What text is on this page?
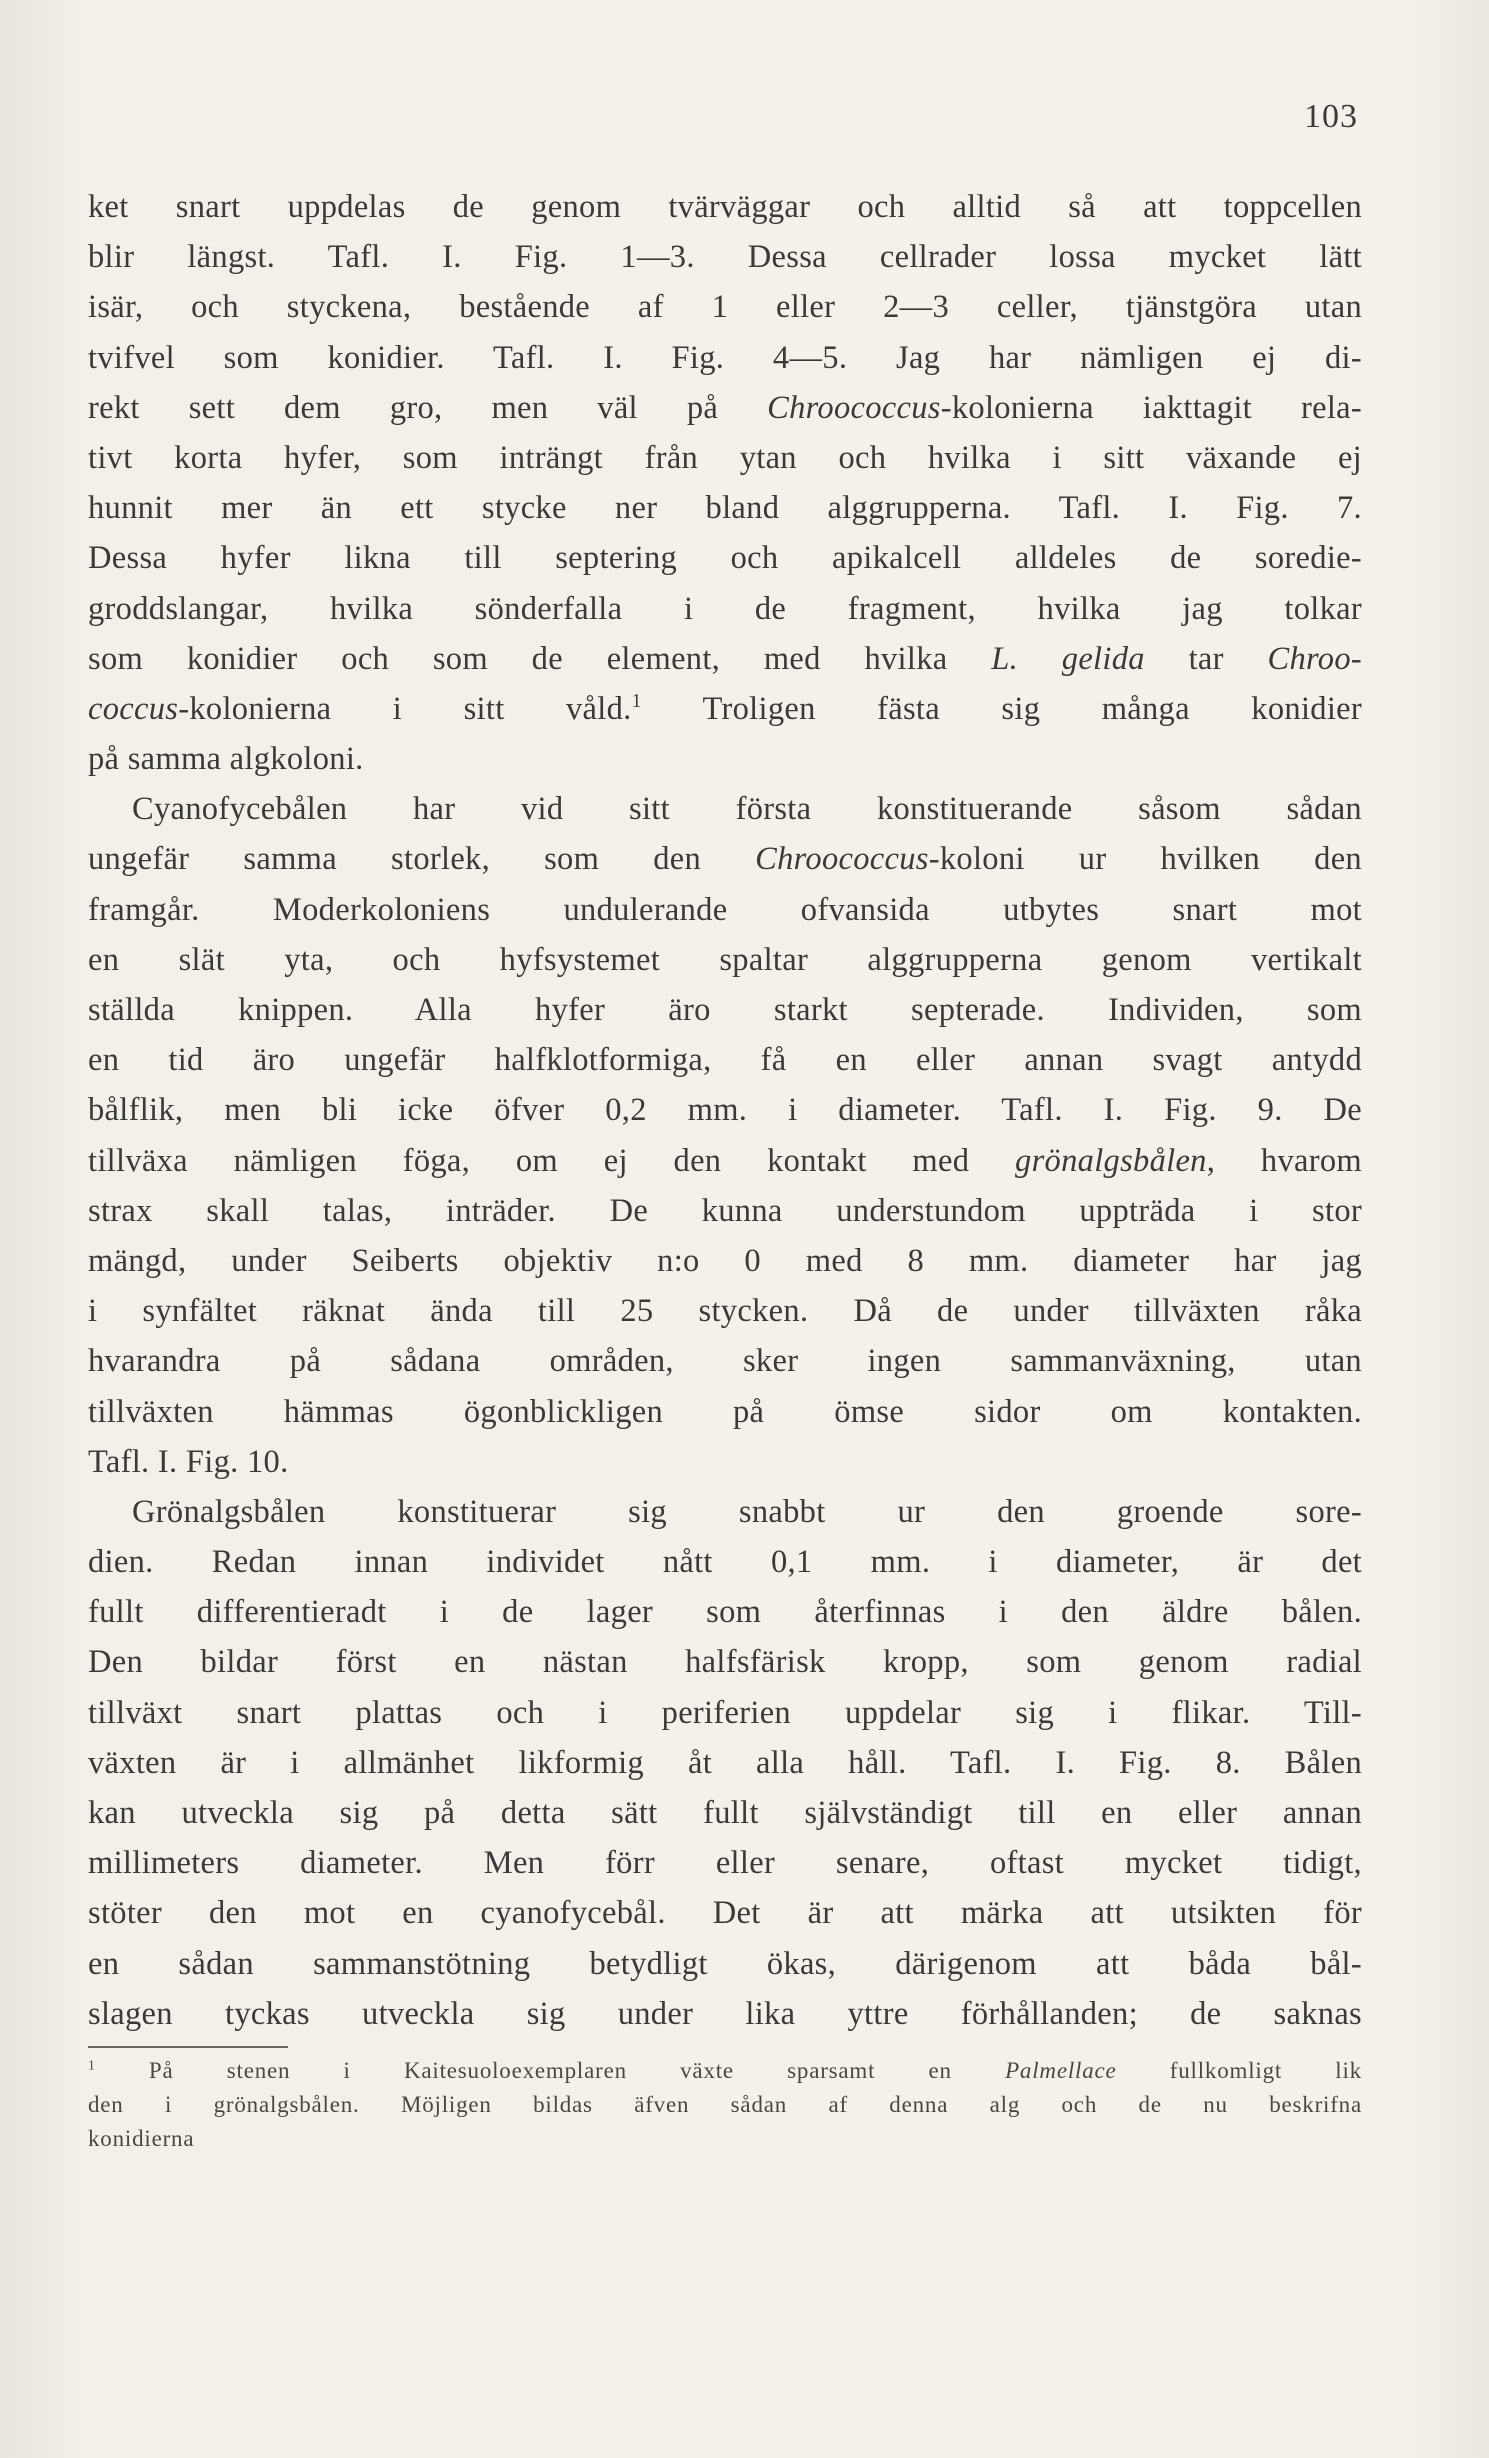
103
ket snart uppdelas de genom tvärväggar och alltid så att toppcellen
blir längst. Tafl. I. Fig. 1—3. Dessa cellrader lossa mycket lätt
isär, och styckena, bestående af 1 eller 2—3 celler, tjänstgöra utan
tvifvel som konidier. Tafl. I. Fig. 4—5. Jag har nämligen ej di-
rekt sett dem gro, men väl på Chroococcus-kolonierna iakttagit rela-
tivt korta hyfer, som inträngt från ytan och hvilka i sitt växande ej
hunnit mer än ett stycke ner bland alggrupperna. Tafl. I. Fig. 7.
Dessa hyfer likna till septering och apikalcell alldeles de soredie-
groddslangar, hvilka sönderfalla i de fragment, hvilka jag tolkar
som konidier och som de element, med hvilka L. gelida tar Chroo-
coccus-kolonierna i sitt våld.$^1$ Troligen fästa sig många konidier
på samma algkoloni.
Cyanofycebålen har vid sitt första konstituerande såsom sådan
ungefär samma storlek, som den Chroococcus-koloni ur hvilken den
framgår. Moderkoloniens undulerande ofvansida utbytes snart mot
en slät yta, och hyfsystemet spaltar alggrupperna genom vertikalt
ställda knippen. Alla hyfer äro starkt septerade. Individen, som
en tid äro ungefär halfklotformiga, få en eller annan svagt antydd
bålflik, men bli icke öfver 0,2 mm. i diameter. Tafl. I. Fig. 9. De
tillväxa nämligen föga, om ej den kontakt med grönalgsbålen, hvarom
strax skall talas, inträder. De kunna understundom uppträda i stor
mängd, under Seiberts objektiv n:o 0 med 8 mm. diameter har jag
i synfältet räknat ända till 25 stycken. Då de under tillväxten råka
hvarandra på sådana områden, sker ingen sammanväxning, utan
tillväxten hämmas ögonblickligen på ömse sidor om kontakten.
Tafl. I. Fig. 10.
Grönalgsbålen konstituerar sig snabbt ur den groende sore-
dien. Redan innan individet nått 0,1 mm. i diameter, är det
fullt differentieradt i de lager som återfinnas i den äldre bålen.
Den bildar först en nästan halfsfärisk kropp, som genom radial
tillväxt snart plattas och i periferien uppdelar sig i flikar. Till-
växten är i allmänhet likformig åt alla håll. Tafl. I. Fig. 8. Bålen
kan utveckla sig på detta sätt fullt självständigt till en eller annan
millimeters diameter. Men förr eller senare, oftast mycket tidigt,
stöter den mot en cyanofycebål. Det är att märka att utsikten för
en sådan sammanstötning betydligt ökas, därigenom att båda bål-
slagen tyckas utveckla sig under lika yttre förhållanden; de saknas
$^1$ På stenen i Kaitesuoloexemplaren växte sparsamt en Palmellace fullkomligt lik
den i grönalgsbålen. Möjligen bildas äfven sådan af denna alg och de nu beskrifna
konidierna
